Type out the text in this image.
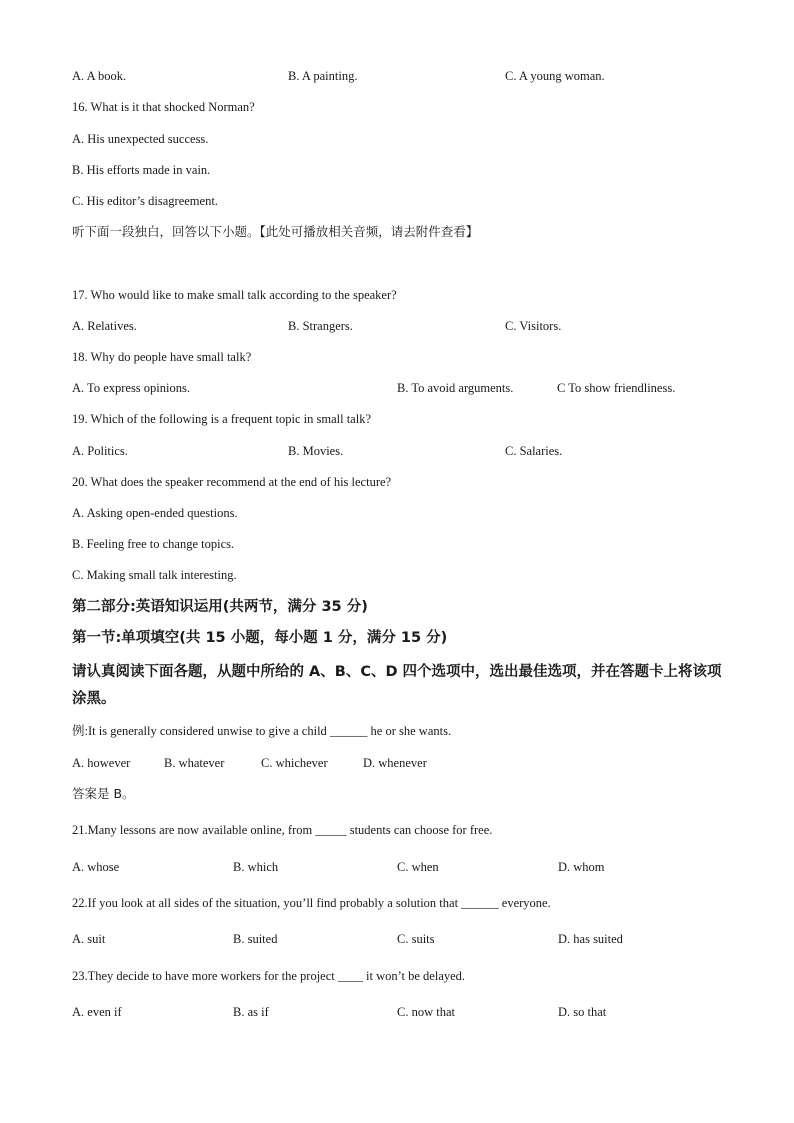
A. A book.	B. A painting.	C. A young woman.
16. What is it that shocked Norman?
A. His unexpected success.
B. His efforts made in vain.
C. His editor’s disagreement.
听下面一段独白，回答以下小题。【此处可播放相关音频，请去附件查看】
17. Who would like to make small talk according to the speaker?
A. Relatives.	B. Strangers.	C. Visitors.
18. Why do people have small talk?
A. To express opinions.	B. To avoid arguments.	C To show friendliness.
19. Which of the following is a frequent topic in small talk?
A. Politics.	B. Movies.	C. Salaries.
20. What does the speaker recommend at the end of his lecture?
A. Asking open-ended questions.
B. Feeling free to change topics.
C. Making small talk interesting.
第二部分:英语知识运用(共两节，满分 35 分)
第一节:单项填空(共 15 小题，每小题 1 分，满分 15 分)
请认真阅读下面各题，从题中所给的 A、B、C、D 四个选项中，选出最佳选项，并在答题卡上将该项涂黑。
例:It is generally considered unwise to give a child ______ he or she wants.
A. however	B. whatever	C. whichever	D. whenever
答案是 B。
21.Many lessons are now available online, from _____ students can choose for free.
A. whose	B. which	C. when	D. whom
22.If you look at all sides of the situation, you’ll find probably a solution that ______ everyone.
A. suit	B. suited	C. suits	D. has suited
23.They decide to have more workers for the project ____ it won’t be delayed.
A. even if	B. as if	C. now that	D. so that
